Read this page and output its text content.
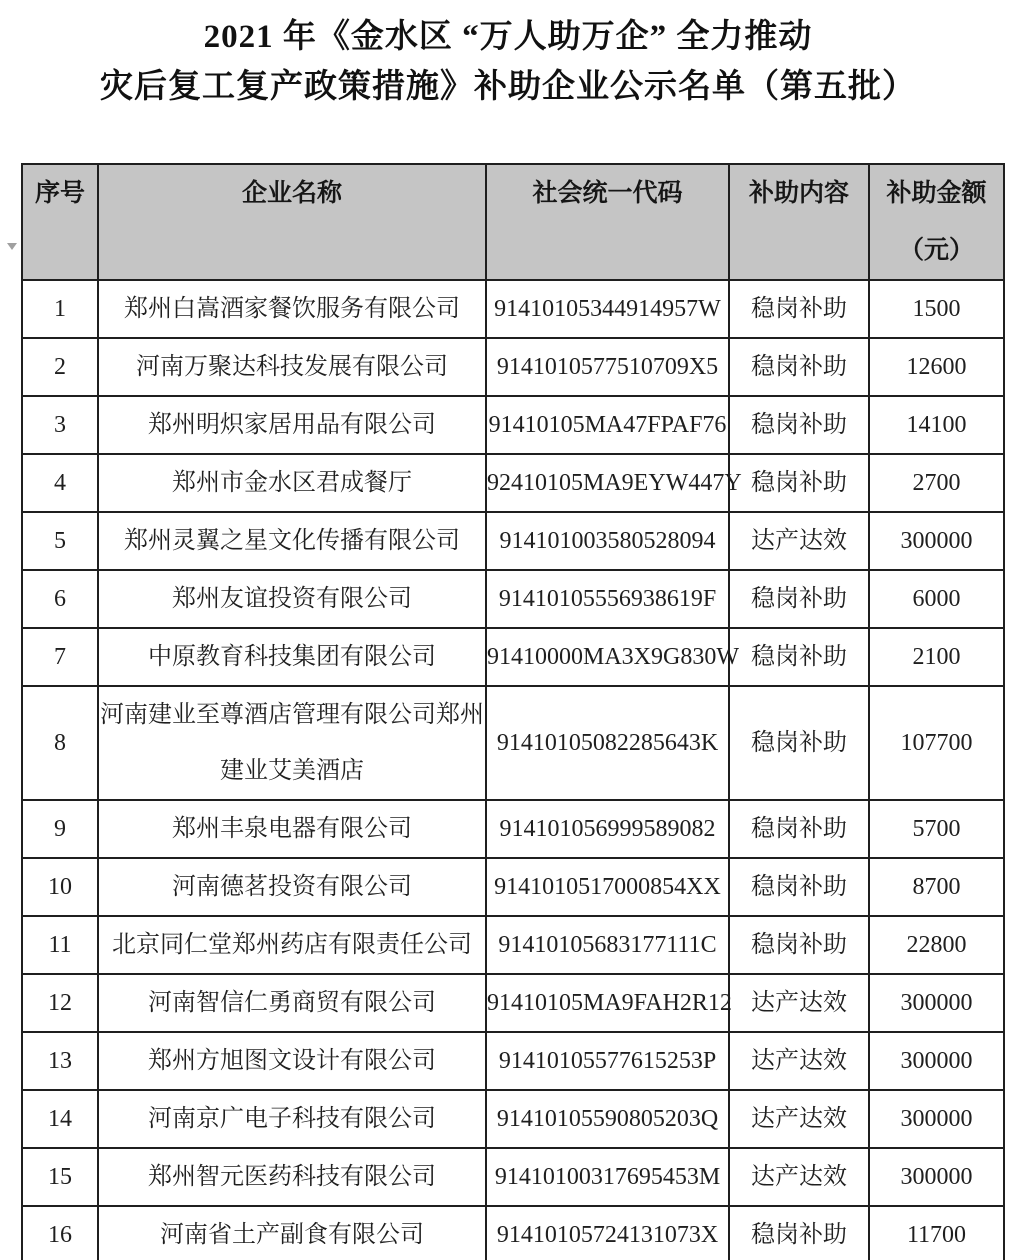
2021 年《金水区 “万人助万企” 全力推动
灾后复工复产政策措施》补助企业公示名单（第五批）
序号	企业名称	社会统一代码	补助内容	补助金额
（元）

1	郑州白嵩酒家餐饮服务有限公司	91410105344914957W	稳岗补助	1500
2	河南万聚达科技发展有限公司	9141010577510709X5	稳岗补助	12600
3	郑州明炽家居用品有限公司	91410105MA47FPAF76	稳岗补助	14100
4	郑州市金水区君成餐厅	92410105MA9EYW447Y	稳岗补助	2700
5	郑州灵翼之星文化传播有限公司	914101003580528094	达产达效	300000
6	郑州友谊投资有限公司	91410105556938619F	稳岗补助	6000
7	中原教育科技集团有限公司	91410000MA3X9G830W	稳岗补助	2100
8	河南建业至尊酒店管理有限公司郑州建业艾美酒店	91410105082285643K	稳岗补助	107700
9	郑州丰泉电器有限公司	914101056999589082	稳岗补助	5700
10	河南德茗投资有限公司	9141010517000854XX	稳岗补助	8700
11	北京同仁堂郑州药店有限责任公司	91410105683177111C	稳岗补助	22800
12	河南智信仁勇商贸有限公司	91410105MA9FAH2R12	达产达效	300000
13	郑州方旭图文设计有限公司	91410105577615253P	达产达效	300000
14	河南京广电子科技有限公司	91410105590805203Q	达产达效	300000
15	郑州智元医药科技有限公司	91410100317695453M	达产达效	300000
16	河南省土产副食有限公司	91410105724131073X	稳岗补助	11700
